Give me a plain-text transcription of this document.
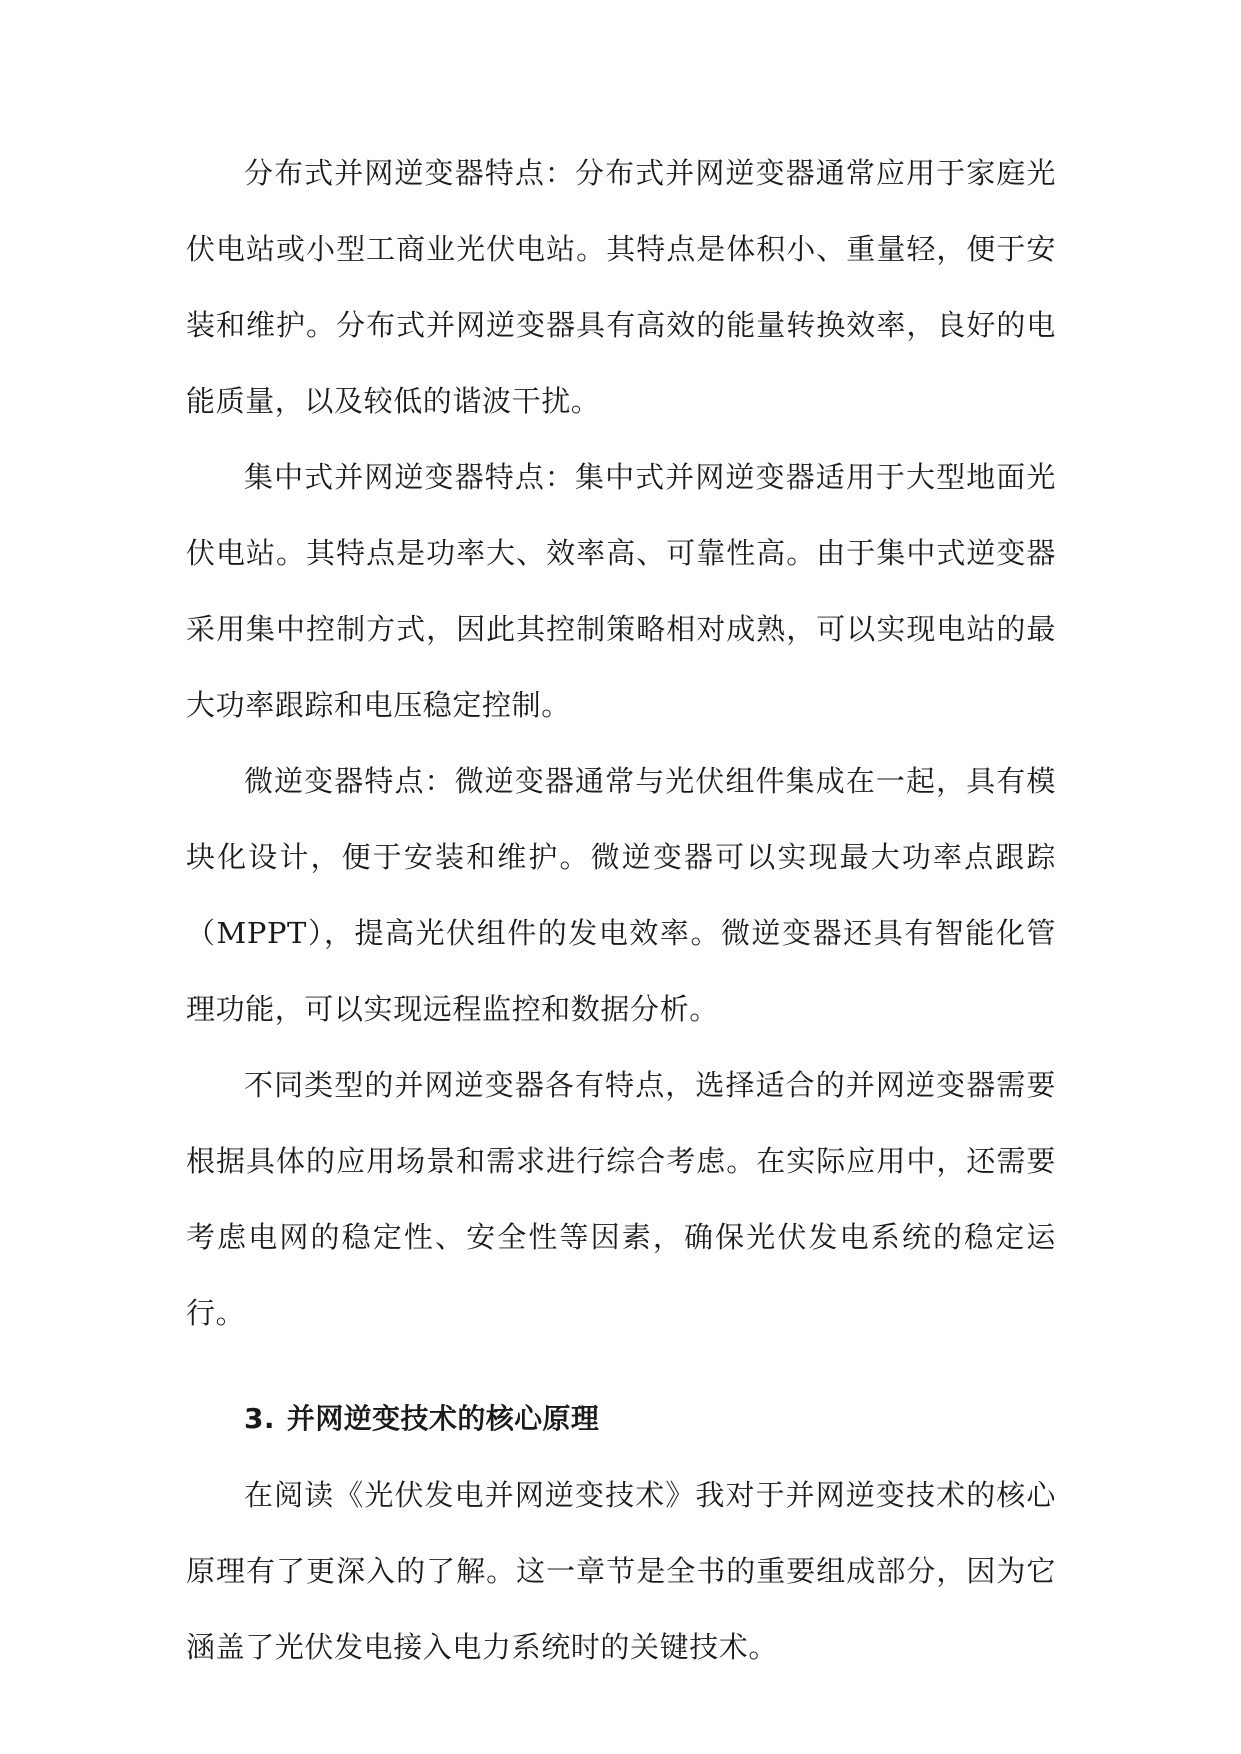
分布式并网逆变器特点：分布式并网逆变器通常应用于家庭光伏电站或小型工商业光伏电站。其特点是体积小、重量轻，便于安装和维护。分布式并网逆变器具有高效的能量转换效率，良好的电能质量，以及较低的谐波干扰。

集中式并网逆变器特点：集中式并网逆变器适用于大型地面光伏电站。其特点是功率大、效率高、可靠性高。由于集中式逆变器采用集中控制方式，因此其控制策略相对成熟，可以实现电站的最大功率跟踪和电压稳定控制。

微逆变器特点：微逆变器通常与光伏组件集成在一起，具有模块化设计，便于安装和维护。微逆变器可以实现最大功率点跟踪（MPPT），提高光伏组件的发电效率。微逆变器还具有智能化管理功能，可以实现远程监控和数据分析。

不同类型的并网逆变器各有特点，选择适合的并网逆变器需要根据具体的应用场景和需求进行综合考虑。在实际应用中，还需要考虑电网的稳定性、安全性等因素，确保光伏发电系统的稳定运行。

3. 并网逆变技术的核心原理

在阅读《光伏发电并网逆变技术》我对于并网逆变技术的核心原理有了更深入的了解。这一章节是全书的重要组成部分，因为它涵盖了光伏发电接入电力系统时的关键技术。
